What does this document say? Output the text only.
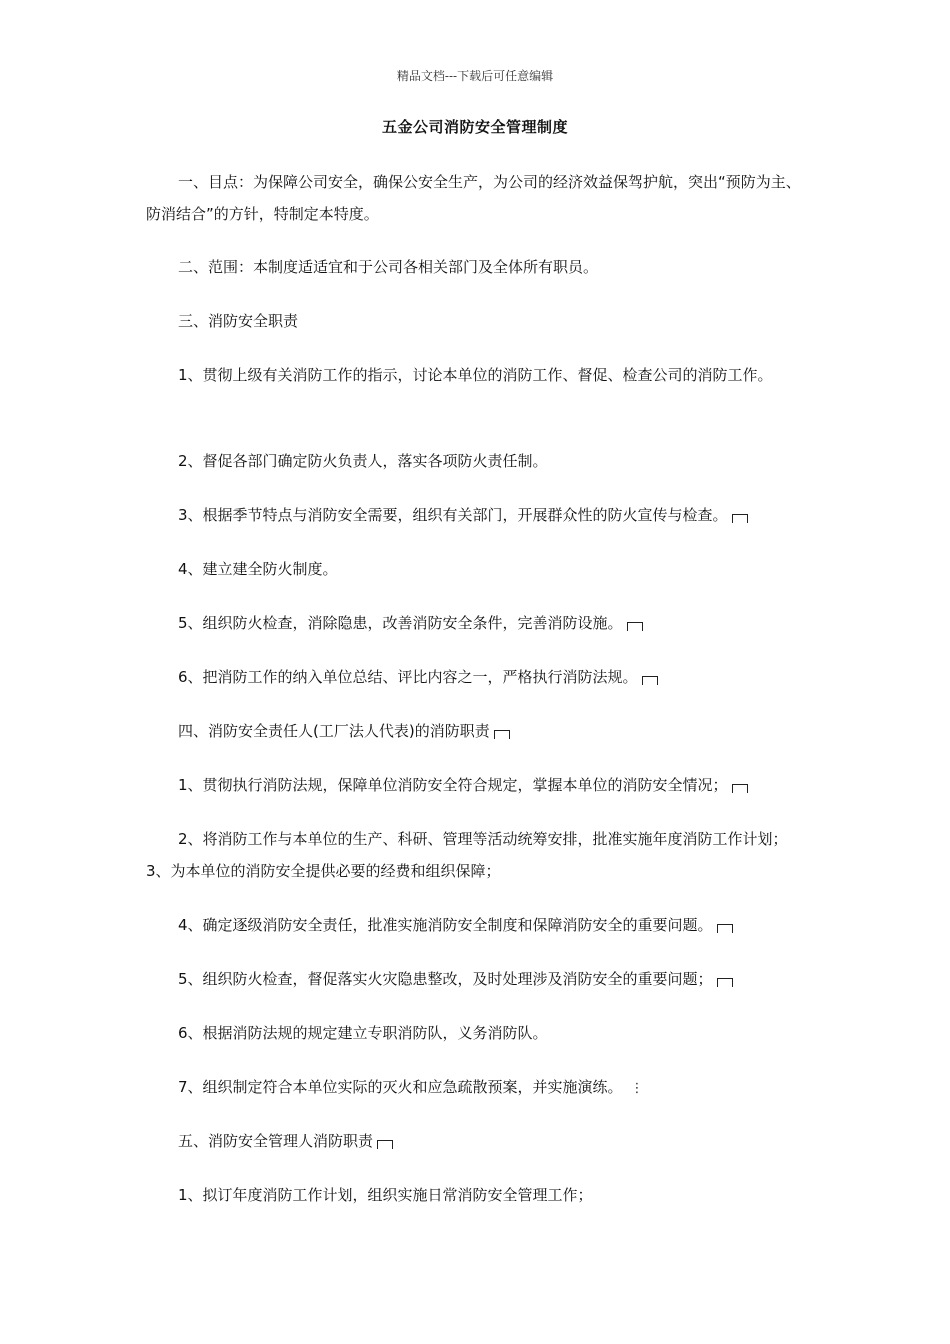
精品文档---下载后可任意编辑
五金公司消防安全管理制度
一、目点：为保障公司安全，确保公安全生产，为公司的经济效益保驾护航，突出“预防为主、防消结合”的方针，特制定本特度。
二、范围：本制度适适宜和于公司各相关部门及全体所有职员。
三、消防安全职责
1、贯彻上级有关消防工作的指示，讨论本单位的消防工作、督促、检查公司的消防工作。
2、督促各部门确定防火负责人，落实各项防火责任制。
3、根据季节特点与消防安全需要，组织有关部门，开展群众性的防火宣传与检查。
4、建立建全防火制度。
5、组织防火检查，消除隐患，改善消防安全条件，完善消防设施。
6、把消防工作的纳入单位总结、评比内容之一，严格执行消防法规。
四、消防安全责任人(工厂法人代表)的消防职责
1、贯彻执行消防法规，保障单位消防安全符合规定，掌握本单位的消防安全情况；
2、将消防工作与本单位的生产、科研、管理等活动统筹安排，批准实施年度消防工作计划；3、为本单位的消防安全提供必要的经费和组织保障；
4、确定逐级消防安全责任，批准实施消防安全制度和保障消防安全的重要问题。
5、组织防火检查，督促落实火灾隐患整改，及时处理涉及消防安全的重要问题；
6、根据消防法规的规定建立专职消防队，义务消防队。
7、组织制定符合本单位实际的灭火和应急疏散预案，并实施演练。 ⋮
五、消防安全管理人消防职责
1、拟订年度消防工作计划，组织实施日常消防安全管理工作；
